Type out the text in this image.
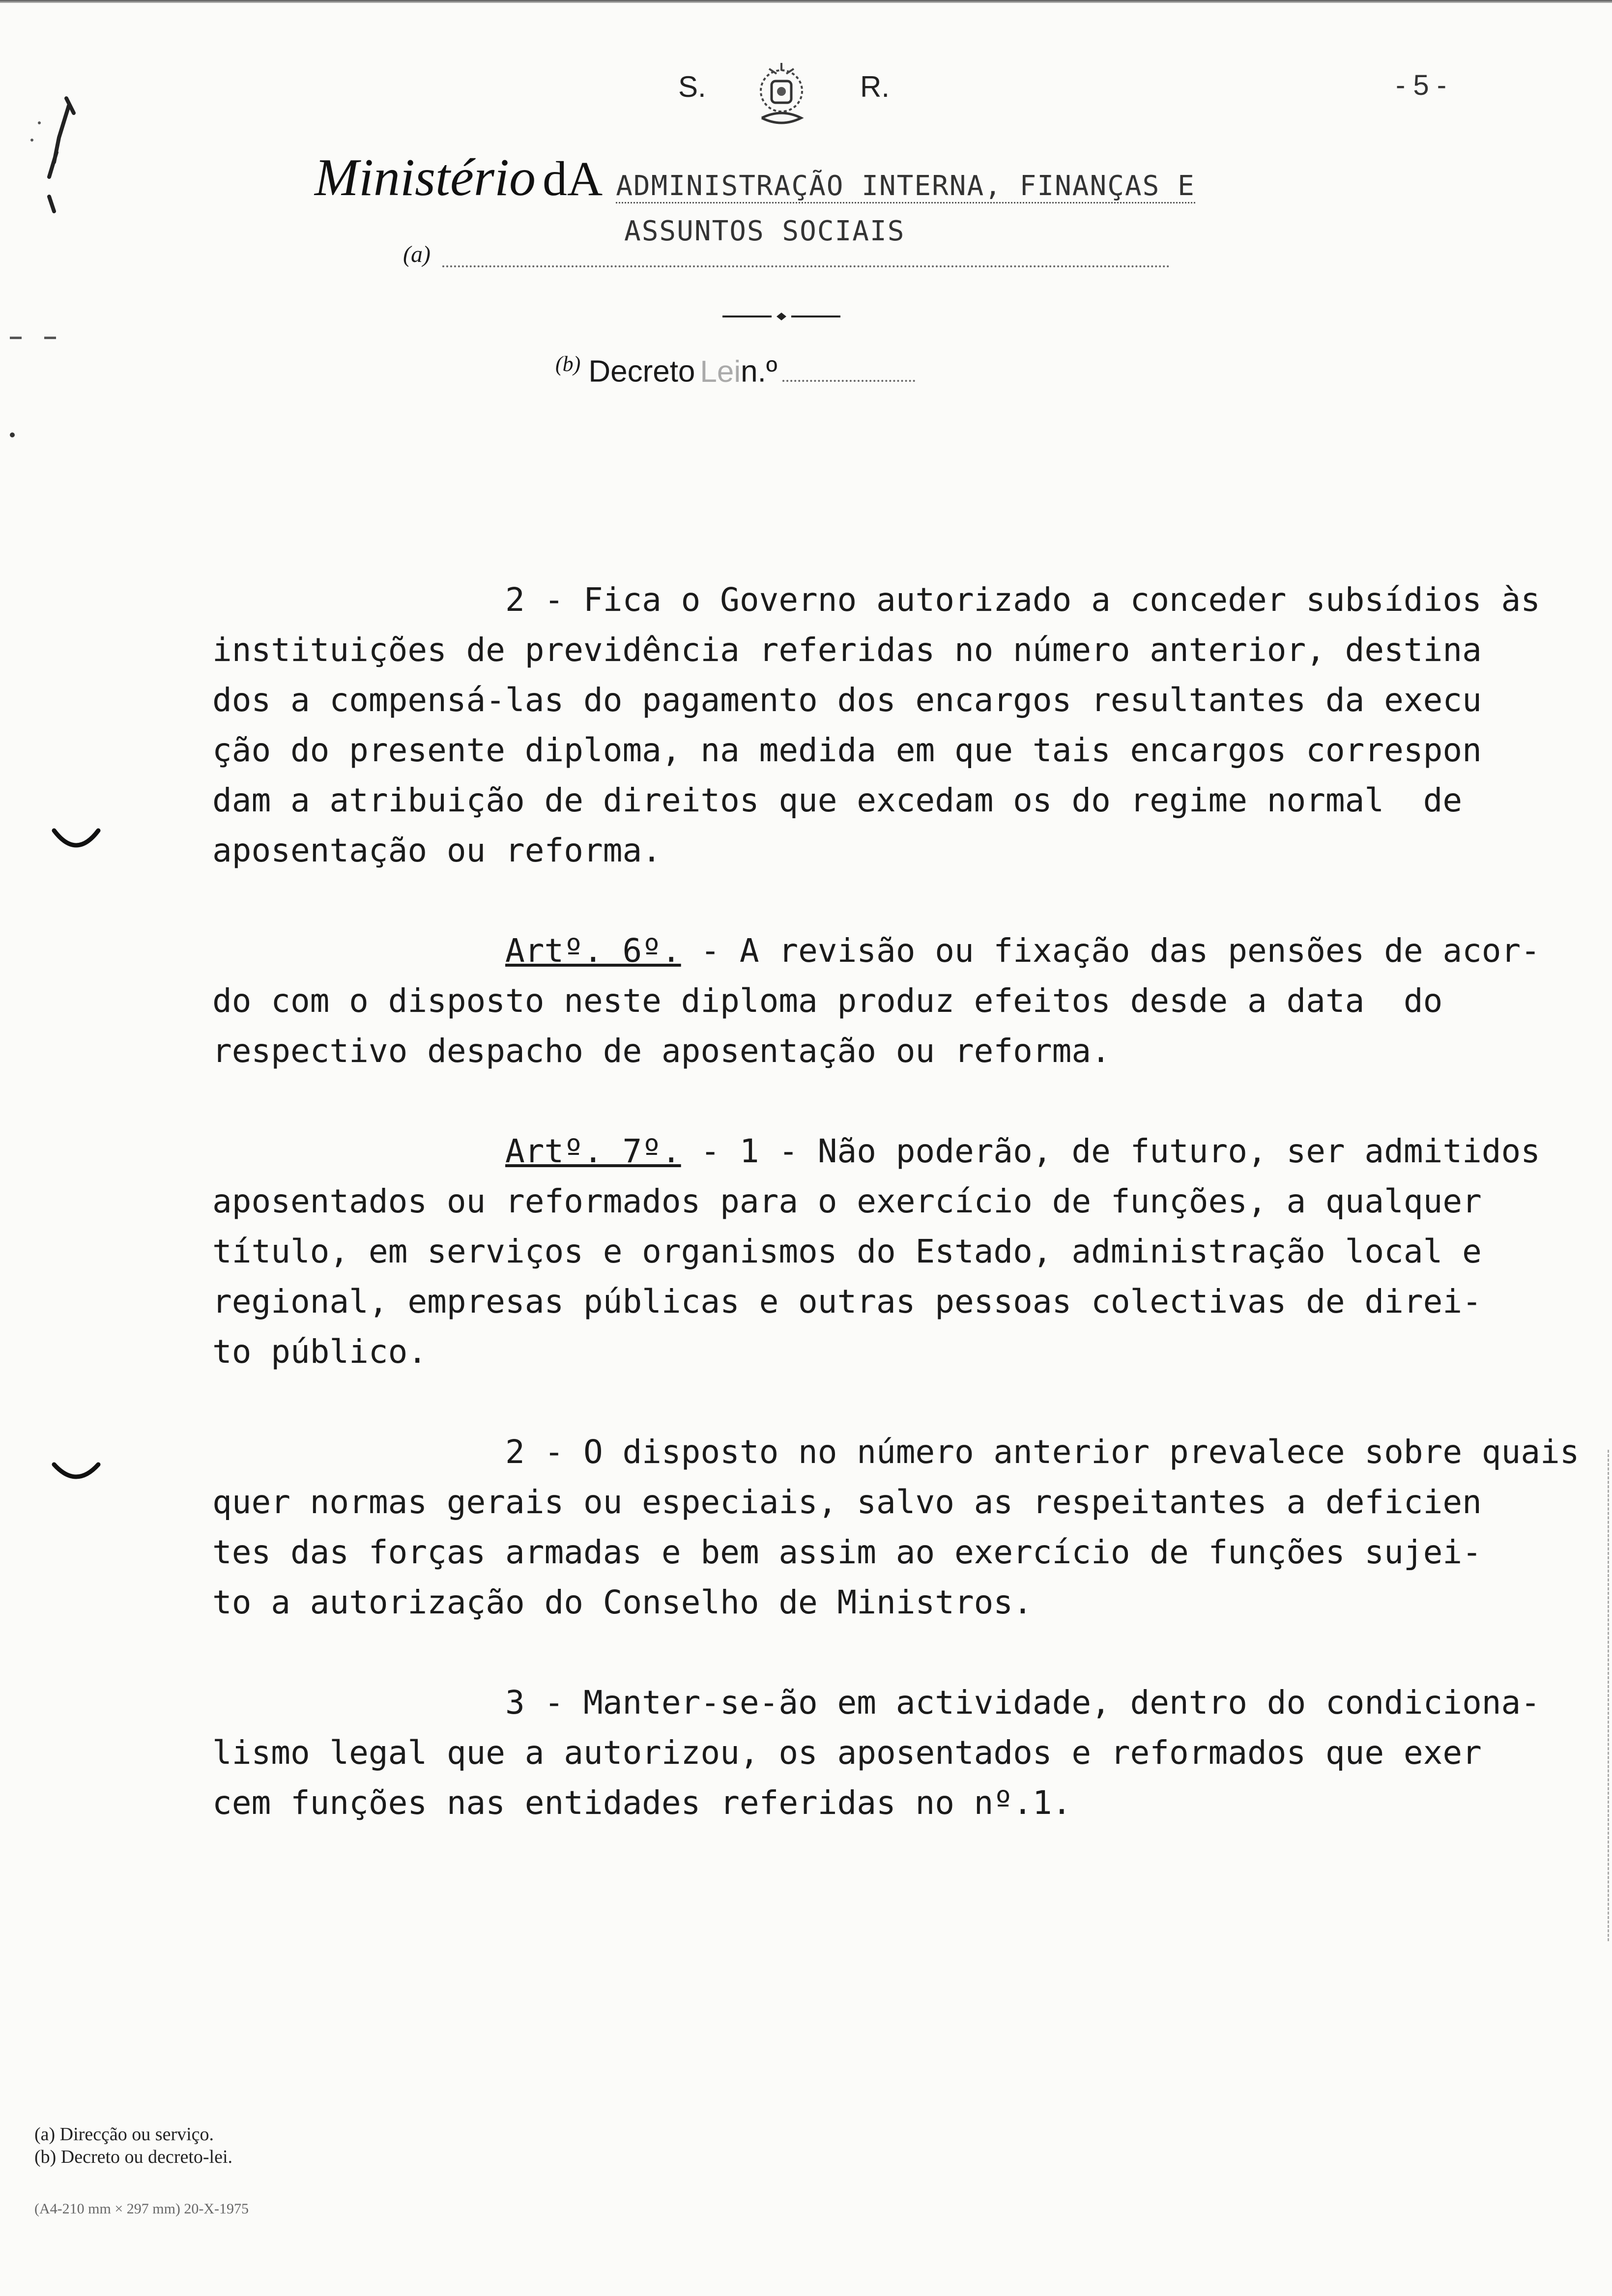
S.	R.	- 5 -
Ministério dA ADMINISTRAÇÃO INTERNA, FINANÇAS E
(a)
ASSUNTOS SOCIAIS
$^{(b)}$ Decreto Lein.º
2 - Fica o Governo autorizado a conceder subsídios às
instituições de previdência referidas no número anterior, destina
dos a compensá-las do pagamento dos encargos resultantes da execu
ção do presente diploma, na medida em que tais encargos correspon
dam a atribuição de direitos que excedam os do regime normal  de
aposentação ou reforma.
Artº. 6º. - A revisão ou fixação das pensões de acor-
do com o disposto neste diploma produz efeitos desde a data  do
respectivo despacho de aposentação ou reforma.
Artº. 7º. - 1 - Não poderão, de futuro, ser admitidos
aposentados ou reformados para o exercício de funções, a qualquer
título, em serviços e organismos do Estado, administração local e
regional, empresas públicas e outras pessoas colectivas de direi-
to público.
2 - O disposto no número anterior prevalece sobre quais
quer normas gerais ou especiais, salvo as respeitantes a deficien
tes das forças armadas e bem assim ao exercício de funções sujei-
to a autorização do Conselho de Ministros.
3 - Manter-se-ão em actividade, dentro do condiciona-
lismo legal que a autorizou, os aposentados e reformados que exer
cem funções nas entidades referidas no nº.1.
(a) Direcção ou serviço.
(b) Decreto ou decreto-lei.
(A4-210 mm × 297 mm) 20-X-1975
